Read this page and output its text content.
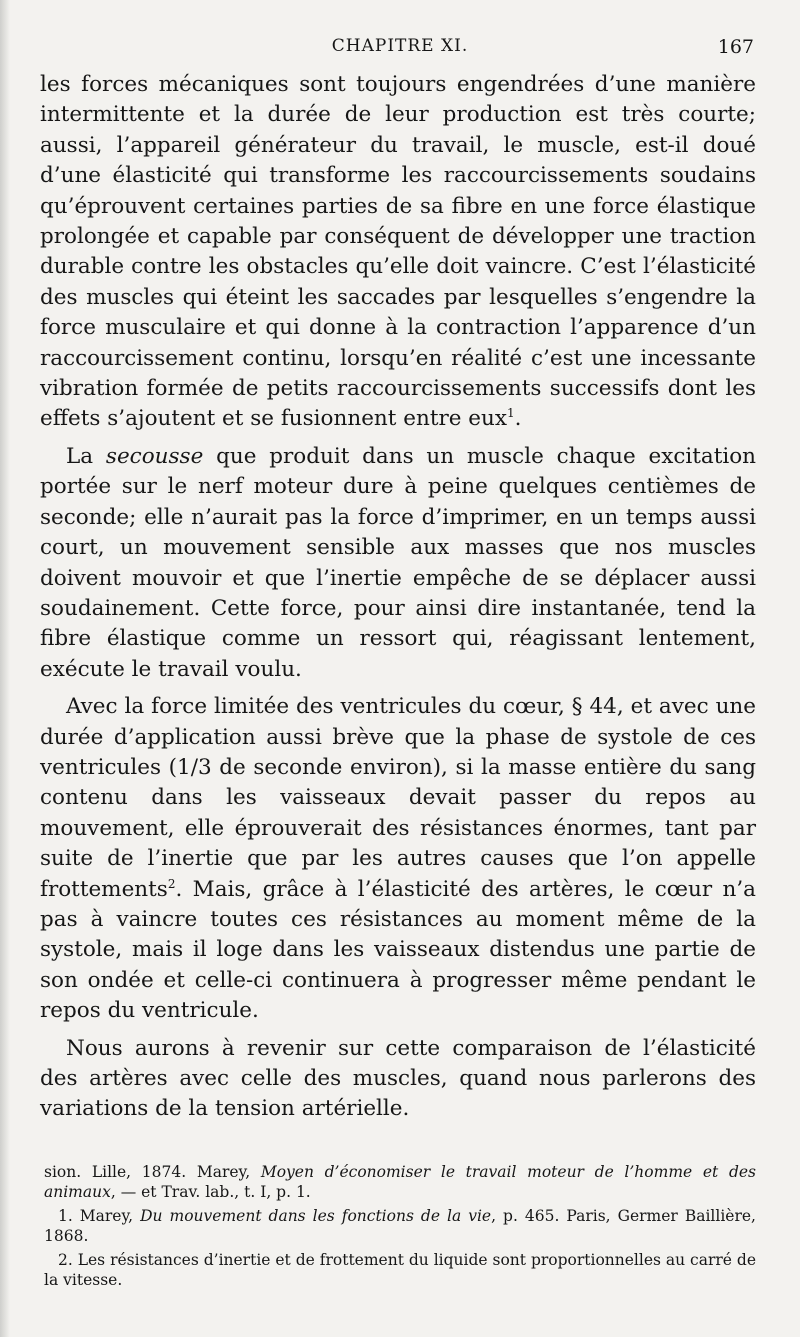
CHAPITRE XI.	167

les forces mécaniques sont toujours engendrées d’une manière intermittente et la durée de leur production est très courte; aussi, l’appareil générateur du travail, le muscle, est-il doué d’une élasticité qui transforme les raccourcissements soudains qu’éprouvent certaines parties de sa fibre en une force élastique prolongée et capable par conséquent de développer une traction durable contre les obstacles qu’elle doit vaincre. C’est l’élasticité des muscles qui éteint les saccades par lesquelles s’engendre la force musculaire et qui donne à la contraction l’apparence d’un raccourcissement continu, lorsqu’en réalité c’est une incessante vibration formée de petits raccourcissements successifs dont les effets s’ajoutent et se fusionnent entre eux$^1$.

La secousse que produit dans un muscle chaque excitation portée sur le nerf moteur dure à peine quelques centièmes de seconde; elle n’aurait pas la force d’imprimer, en un temps aussi court, un mouvement sensible aux masses que nos muscles doivent mouvoir et que l’inertie empêche de se déplacer aussi soudainement. Cette force, pour ainsi dire instantanée, tend la fibre élastique comme un ressort qui, réagissant lentement, exécute le travail voulu.

Avec la force limitée des ventricules du cœur, § 44, et avec une durée d’application aussi brève que la phase de systole de ces ventricules (1/3 de seconde environ), si la masse entière du sang contenu dans les vaisseaux devait passer du repos au mouvement, elle éprouverait des résistances énormes, tant par suite de l’inertie que par les autres causes que l’on appelle frottements$^2$. Mais, grâce à l’élasticité des artères, le cœur n’a pas à vaincre toutes ces résistances au moment même de la systole, mais il loge dans les vaisseaux distendus une partie de son ondée et celle-ci continuera à progresser même pendant le repos du ventricule.

Nous aurons à revenir sur cette comparaison de l’élasticité des artères avec celle des muscles, quand nous parlerons des variations de la tension artérielle.

sion. Lille, 1874. Marey, Moyen d’économiser le travail moteur de l’homme et des animaux, — et Trav. lab., t. I, p. 1.

1. Marey, Du mouvement dans les fonctions de la vie, p. 465. Paris, Germer Baillière, 1868.

2. Les résistances d’inertie et de frottement du liquide sont proportionnelles au carré de la vitesse.
